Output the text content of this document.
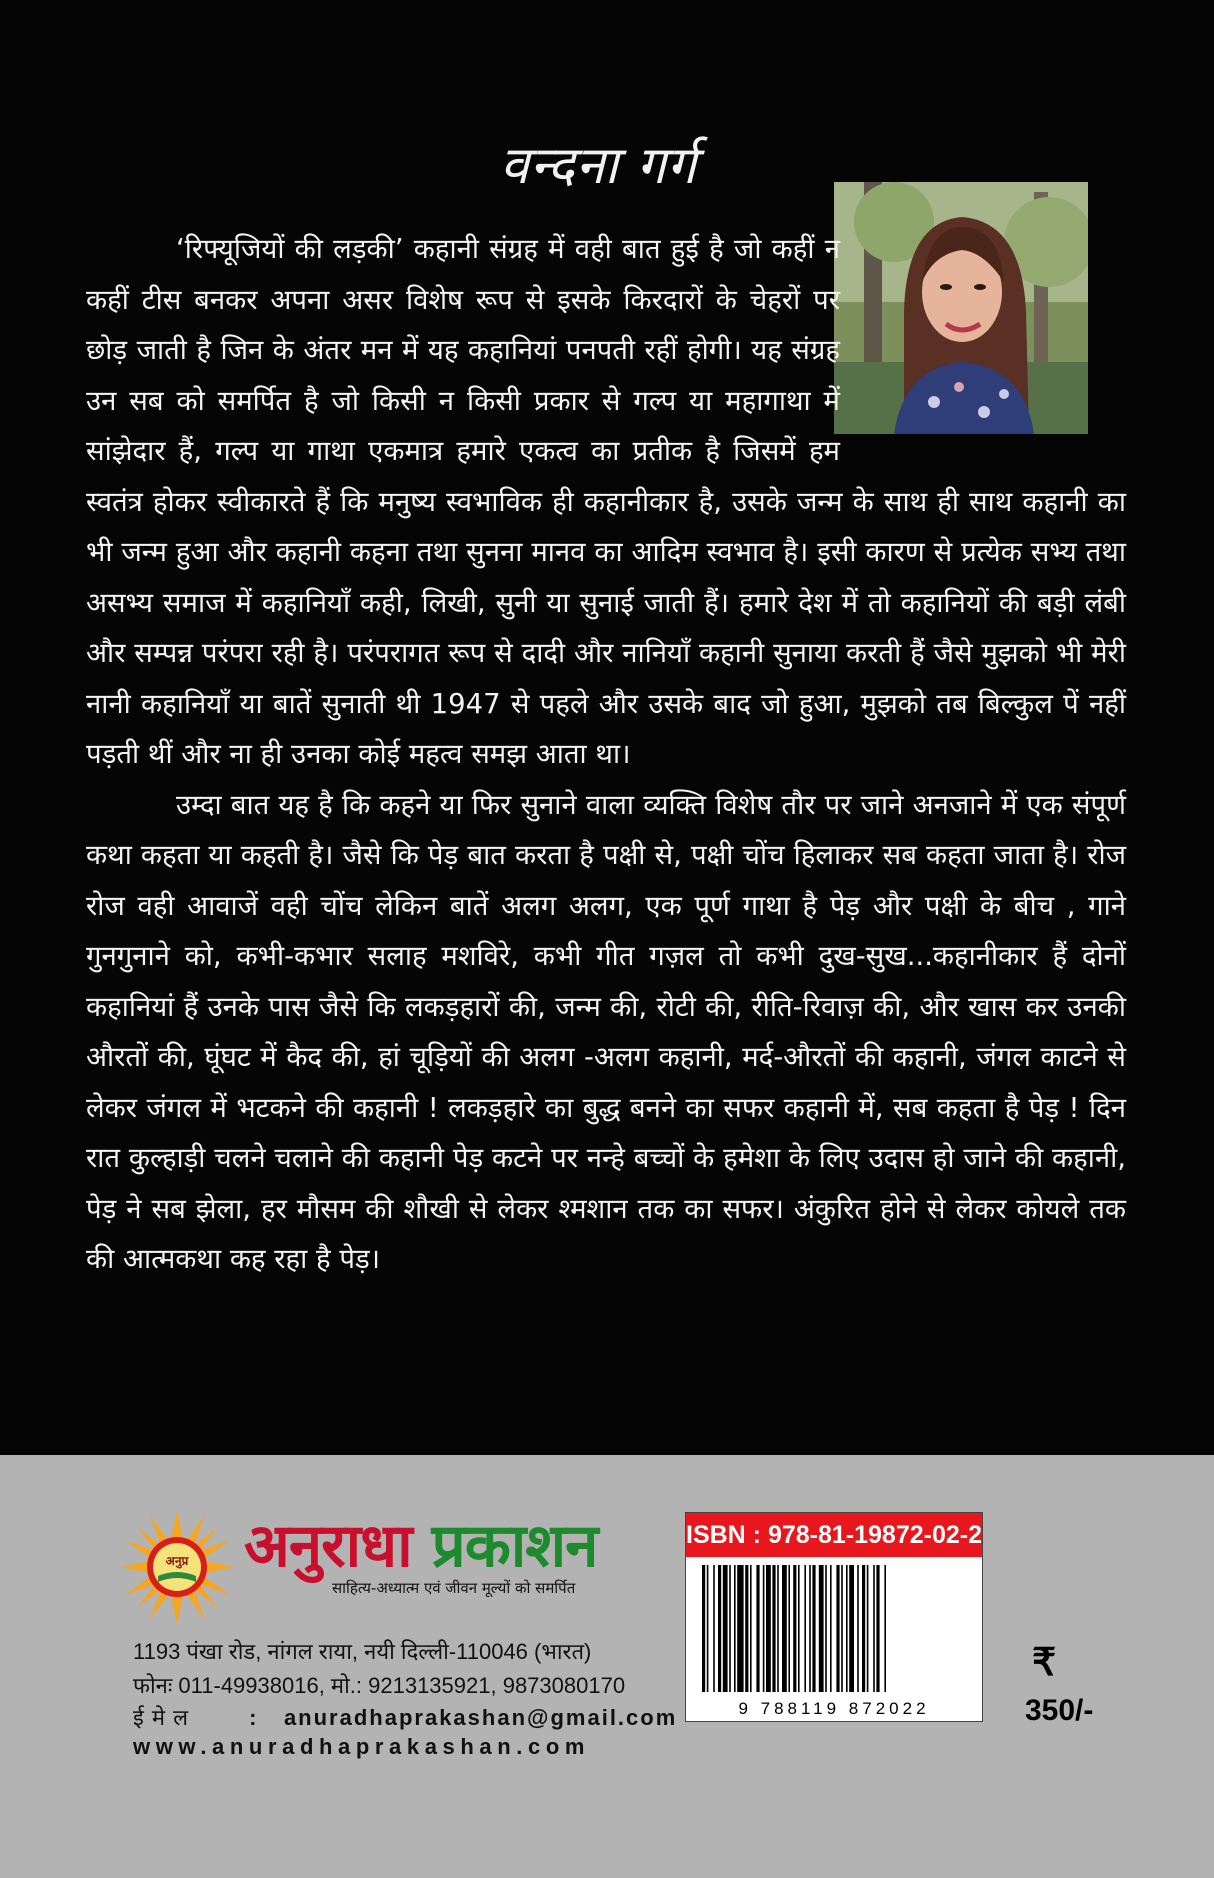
वन्दना गर्ग

‘रिफ्यूजियों की लड़की’ कहानी संग्रह में वही बात हुई है जो कहीं न कहीं टीस बनकर अपना असर विशेष रूप से इसके किरदारों के चेहरों पर छोड़ जाती है जिन के अंतर मन में यह कहानियां पनपती रहीं होगी। यह संग्रह उन सब को समर्पित है जो किसी न किसी प्रकार से गल्प या महागाथा में सांझेदार हैं, गल्प या गाथा एकमात्र हमारे एकत्व का प्रतीक है जिसमें हम स्वतंत्र होकर स्वीकारते हैं कि मनुष्य स्वभाविक ही कहानीकार है, उसके जन्म के साथ ही साथ कहानी का भी जन्म हुआ और कहानी कहना तथा सुनना मानव का आदिम स्वभाव है। इसी कारण से प्रत्येक सभ्य तथा असभ्य समाज में कहानियाँ कही, लिखी, सुनी या सुनाई जाती हैं। हमारे देश में तो कहानियों की बड़ी लंबी और सम्पन्न परंपरा रही है। परंपरागत रूप से दादी और नानियाँ कहानी सुनाया करती हैं जैसे मुझको भी मेरी नानी कहानियाँ या बातें सुनाती थी 1947 से पहले और उसके बाद जो हुआ, मुझको तब बिल्कुल पें नहीं पड़ती थीं और ना ही उनका कोई महत्व समझ आता था।

उम्दा बात यह है कि कहने या फिर सुनाने वाला व्यक्ति विशेष तौर पर जाने अनजाने में एक संपूर्ण कथा कहता या कहती है। जैसे कि पेड़ बात करता है पक्षी से, पक्षी चोंच हिलाकर सब कहता जाता है। रोज रोज वही आवाजें वही चोंच लेकिन बातें अलग अलग, एक पूर्ण गाथा है पेड़ और पक्षी के बीच , गाने गुनगुनाने को, कभी-कभार सलाह मशविरे, कभी गीत गज़ल तो कभी दुख-सुख...कहानीकार हैं दोनों कहानियां हैं उनके पास जैसे कि लकड़हारों की, जन्म की, रोटी की, रीति-रिवाज़ की, और खास कर उनकी औरतों की, घूंघट में कैद की, हां चूड़ियों की अलग -अलग कहानी, मर्द-औरतों की कहानी, जंगल काटने से लेकर जंगल में भटकने की कहानी ! लकड़हारे का बुद्ध बनने का सफर कहानी में, सब कहता है पेड़ ! दिन रात कुल्हाड़ी चलने चलाने की कहानी पेड़ कटने पर नन्हे बच्चों के हमेशा के लिए उदास हो जाने की कहानी, पेड़ ने सब झेला, हर मौसम की शौखी से लेकर श्मशान तक का सफर। अंकुरित होने से लेकर कोयले तक की आत्मकथा कह रहा है पेड़।

अनुप्र अनुराधा प्रकाशन
साहित्य-अध्यात्म एवं जीवन मूल्यों को समर्पित
1193 पंखा रोड, नांगल राया, नयी दिल्ली-110046 (भारत)
फोनः 011-49938016, मो.: 9213135921, 9873080170
ई मे ल	: anuradhaprakashan@gmail.com
www.anuradhaprakashan.com
ISBN : 978-81-19872-02-2
9 788119 872022
₹
350/-
